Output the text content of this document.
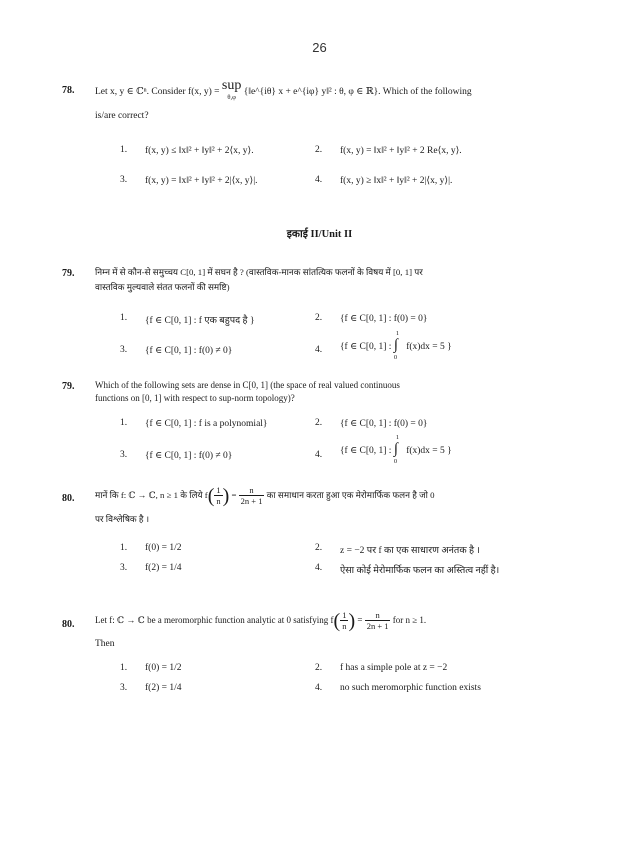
26
78. Let x, y ∈ ℂⁿ. Consider f(x, y) = sup
θ,φ
{‖e^{iθ} x + e^{iφ} y‖² : θ, φ ∈ ℝ}. Which of the following
is/are correct?
1. f(x, y) ≤ ‖x‖² + ‖y‖² + 2⟨x, y⟩.	2. f(x, y) = ‖x‖² + ‖y‖² + 2 Re⟨x, y⟩.
3. f(x, y) = ‖x‖² + ‖y‖² + 2|⟨x, y⟩|.	4. f(x, y) ≥ ‖x‖² + ‖y‖² + 2|⟨x, y⟩|.
इकाई II/Unit II
79. निम्न में से कौन-से समुच्चय C[0, 1] में सघन है ? (वास्तविक-मानक सांतत्यिक फलनों के विषय में [0, 1] पर
वास्तविक मुल्यवाले संतत फलनों की समष्टि)
1. {f ∈ C[0, 1] : f एक बहुपद है }	2. {f ∈ C[0, 1] : f(0) = 0}
3. {f ∈ C[0, 1] : f(0) ≠ 0}	4. {f ∈ C[0, 1] :
1
∫
0
f(x)dx = 5 }
79. Which of the following sets are dense in C[0, 1] (the space of real valued continuous
functions on [0, 1] with respect to sup-norm topology)?
1. {f ∈ C[0, 1] : f is a polynomial}	2. {f ∈ C[0, 1] : f(0) = 0}
3. {f ∈ C[0, 1] : f(0) ≠ 0}	4. {f ∈ C[0, 1] :
1
∫
0
f(x)dx = 5 }
80. मानें कि f: ℂ → ℂ, n ≥ 1 के लिये $f( \frac{1}{n}$ ) = $\frac{n}{2n + 1}$ का समाधान करता हुआ एक मेरोमार्फिक फलन है जो 0
पर विश्लेषिक है ।
1. f(0) = 1/2	2. z = −2 पर f का एक साधारण अनंतक है ।
3. f(2) = 1/4	4. ऐसा कोई मेरोमार्फिक फलन का अस्तित्व नहीं है।
80. Let f: ℂ → ℂ be a meromorphic function analytic at 0 satisfying $f( \frac{1}{n}$ ) = $\frac{n}{2n + 1}$ for n ≥ 1.
Then
1. f(0) = 1/2	2. f has a simple pole at z = −2
3. f(2) = 1/4	4. no such meromorphic function exists
